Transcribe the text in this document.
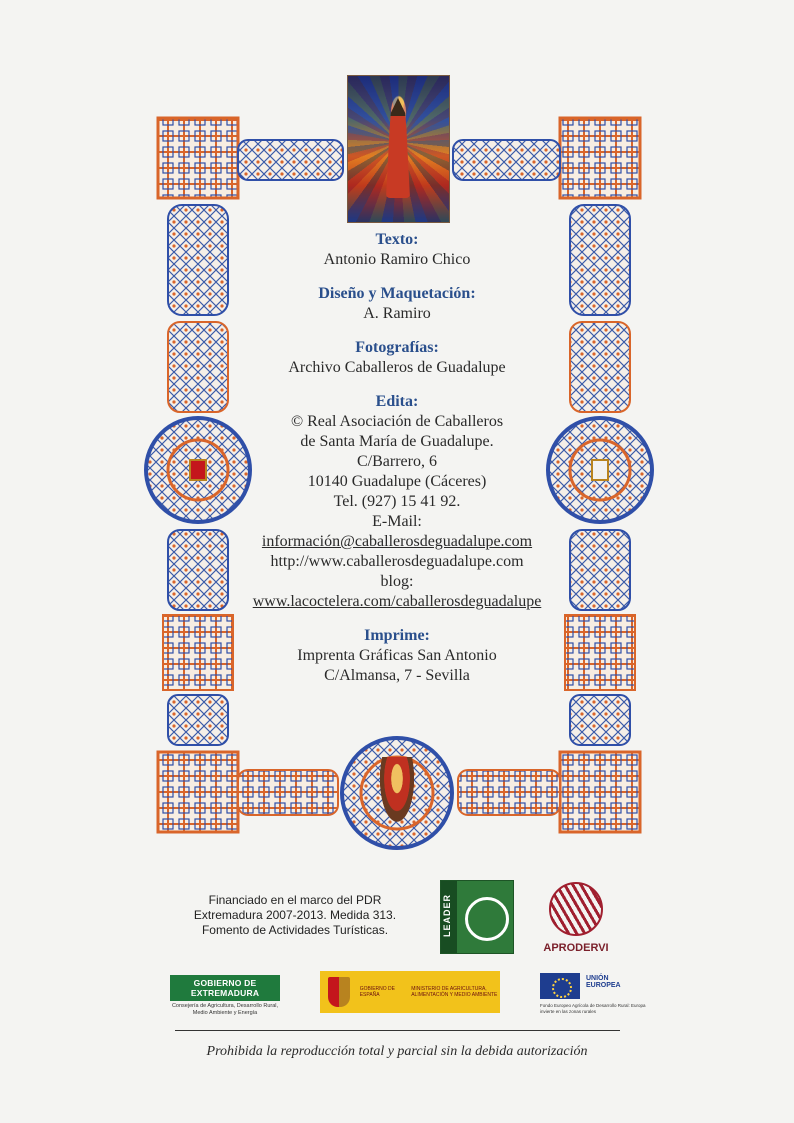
Texto:
Antonio Ramiro Chico
Diseño y Maquetación:
A. Ramiro
Fotografías:
Archivo Caballeros de Guadalupe
Edita:
© Real Asociación de Caballeros
de Santa María de Guadalupe.
C/Barrero, 6
10140 Guadalupe (Cáceres)
Tel. (927) 15 41 92.
E-Mail:
información@caballerosdeguadalupe.com
http://www.caballerosdeguadalupe.com
blog:
www.lacoctelera.com/caballerosdeguadalupe
Imprime:
Imprenta Gráficas San Antonio
C/Almansa, 7 - Sevilla
Financiado en el marco del PDR
Extremadura 2007-2013. Medida 313.
Fomento de Actividades Turísticas.	LEADER
APRODERVI
GOBIERNO DE EXTREMADURA
Consejería de Agricultura, Desarrollo Rural, Medio Ambiente y Energía
GOBIERNO DE ESPAÑA
MINISTERIO DE AGRICULTURA, ALIMENTACIÓN Y MEDIO AMBIENTE
UNIÓN EUROPEA
Fondo Europeo Agrícola de Desarrollo Rural: Europa invierte en las zonas rurales
Prohibida la reproducción total y parcial sin la debida autorización
